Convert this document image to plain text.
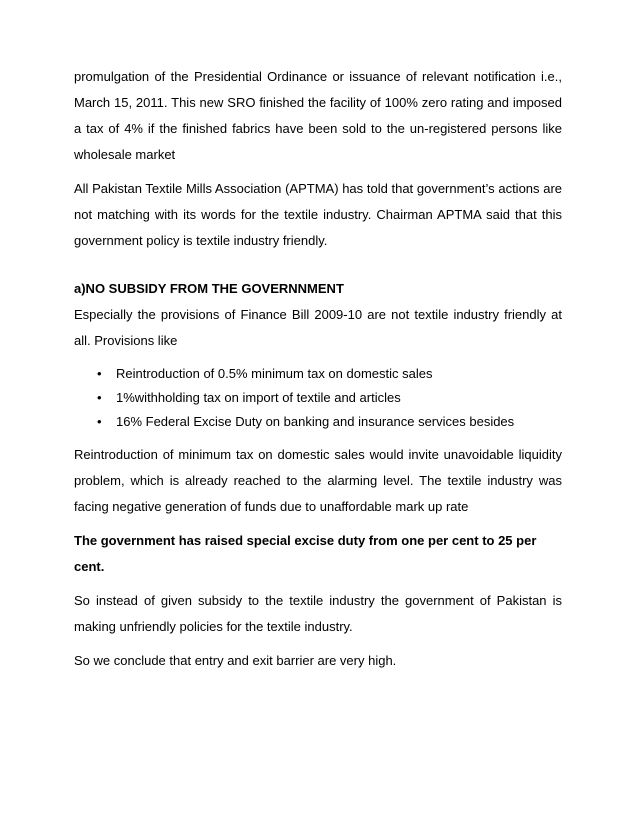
promulgation of the Presidential Ordinance or issuance of relevant notification i.e., March 15, 2011. This new SRO finished the facility of 100% zero rating and imposed a tax of 4% if the finished fabrics have been sold to the un-registered persons like wholesale market

All Pakistan Textile Mills Association (APTMA) has told that government’s actions are not matching with its words for the textile industry. Chairman APTMA said that this government policy is textile industry friendly.

a)NO SUBSIDY FROM THE GOVERNNMENT

Especially the provisions of Finance Bill 2009-10 are not textile industry friendly at all. Provisions like

• Reintroduction of 0.5% minimum tax on domestic sales
• 1%withholding tax on import of textile and articles
• 16% Federal Excise Duty on banking and insurance services besides

Reintroduction of minimum tax on domestic sales would invite unavoidable liquidity problem, which is already reached to the alarming level. The textile industry was facing negative generation of funds due to unaffordable mark up rate

The government has raised special excise duty from one per cent to 25 per cent.

So instead of given subsidy to the textile industry the government of Pakistan is making unfriendly policies for the textile industry.

So we conclude that entry and exit barrier are very high.
